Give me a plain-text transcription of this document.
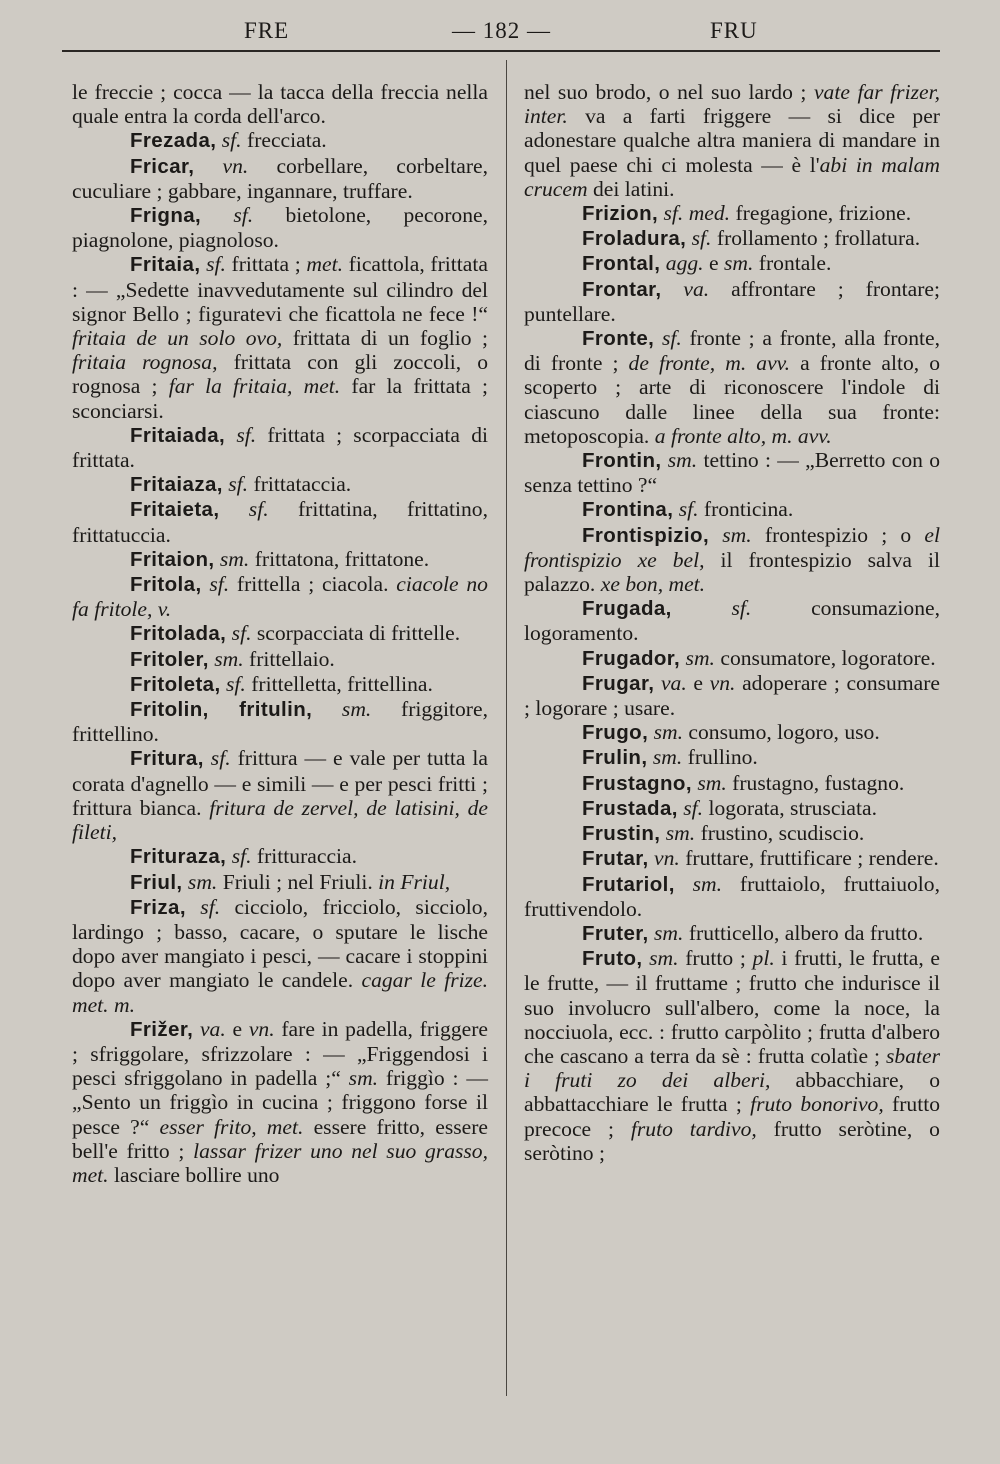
FRE	— 182 —	FRU

le freccie ; cocca — la tacca della freccia nella quale entra la corda dell'arco.

Frezada, sf. frecciata.

Fricar, vn. corbellare, corbeltare, cuculiare ; gabbare, ingannare, truffare.

Frigna, sf. bietolone, pecorone, piagnolone, piagnoloso.

Fritaia, sf. frittata ; met. ficattola, frittata : — „Sedette inavvedutamente sul cilindro del signor Bello ; figuratevi che ficattola ne fece !“ fritaia de un solo ovo, frittata di un foglio ; fritaia rognosa, frittata con gli zoccoli, o rognosa ; far la fritaia, met. far la frittata ; sconciarsi.

Fritaiada, sf. frittata ; scorpacciata di frittata.

Fritaiaza, sf. frittataccia.

Fritaieta, sf. frittatina, frittatino, frittatuccia.

Fritaion, sm. frittatona, frittatone.

Fritola, sf. frittella ; ciacola. ciacole no fa fritole, v.

Fritolada, sf. scorpacciata di frittelle.

Fritoler, sm. frittellaio.

Fritoleta, sf. frittelletta, frittellina.

Fritolin, fritulin, sm. friggitore, frittellino.

Fritura, sf. frittura — e vale per tutta la corata d'agnello — e simili — e per pesci fritti ; frittura bianca. fritura de zervel, de latisini, de fileti,

Frituraza, sf. fritturaccia.

Friul, sm. Friuli ; nel Friuli. in Friul,

Friza, sf. cicciolo, fricciolo, sicciolo, lardingo ; basso, cacare, o sputare le lische dopo aver mangiato i pesci, — cacare i stoppini dopo aver mangiato le candele. cagar le frize. met. m.

Frižer, va. e vn. fare in padella, friggere ; sfriggolare, sfrizzolare : — „Friggendosi i pesci sfriggolano in padella ;“ sm. friggìo : — „Sento un friggìo in cucina ; friggono forse il pesce ?“ esser frito, met. essere fritto, essere bell'e fritto ; lassar frizer uno nel suo grasso, met. lasciare bollire uno

nel suo brodo, o nel suo lardo ; vate far frizer, inter. va a farti friggere — si dice per adonestare qualche altra maniera di mandare in quel paese chi ci molesta — è l'abi in malam crucem dei latini.

Frizion, sf. med. fregagione, frizione.

Froladura, sf. frollamento ; frollatura.

Frontal, agg. e sm. frontale.

Frontar, va. affrontare ; frontare; puntellare.

Fronte, sf. fronte ; a fronte, alla fronte, di fronte ; de fronte, m. avv. a fronte alto, o scoperto ; arte di riconoscere l'indole di ciascuno dalle linee della sua fronte: metoposcopia. a fronte alto, m. avv.

Frontin, sm. tettino : — „Berretto con o senza tettino ?“

Frontina, sf. fronticina.

Frontispizio, sm. frontespizio ; o el frontispizio xe bel, il frontespizio salva il palazzo. xe bon, met.

Frugada,	sf.	consumazione, logoramento.

Frugador, sm. consumatore, logoratore.

Frugar, va. e vn. adoperare ; consumare ; logorare ; usare.

Frugo, sm. consumo, logoro, uso.

Frulin, sm. frullino.

Frustagno, sm. frustagno, fustagno.

Frustada, sf. logorata, strusciata.

Frustin, sm. frustino, scudiscio.

Frutar, vn. fruttare, fruttificare ; rendere.

Frutariol, sm. fruttaiolo, fruttaiuolo, fruttivendolo.

Fruter, sm. frutticello, albero da frutto.

Fruto, sm. frutto ; pl. i frutti, le frutta, e le frutte, — il fruttame ; frutto che indurisce il suo involucro sull'albero, come la noce, la nocciuola, ecc. : frutto carpòlito ; frutta d'albero che cascano a terra da sè : frutta colatìe ; sbater i fruti zo dei alberi, abbacchiare, o abbattacchiare le frutta ; fruto bonorivo, frutto precoce ; fruto tardivo, frutto seròtine, o seròtino ;
